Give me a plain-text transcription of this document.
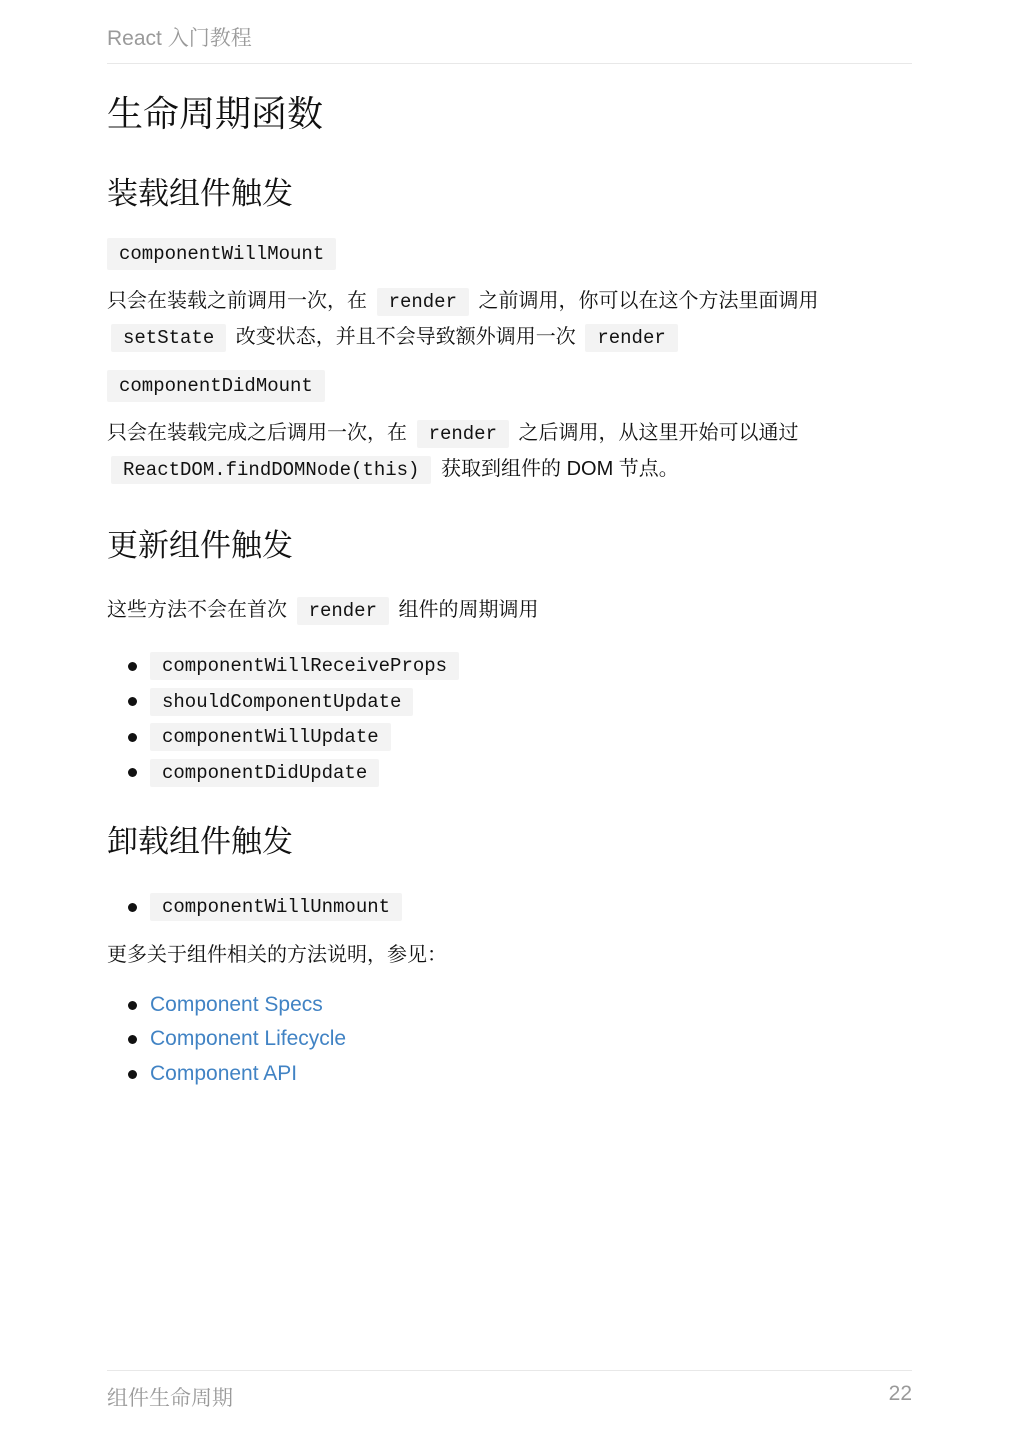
React 入门教程
生命周期函数
装载组件触发
componentWillMount

只会在装载之前调用一次，在 render 之前调用，你可以在这个方法里面调用
setState 改变状态，并且不会导致额外调用一次 render

componentDidMount

只会在装载完成之后调用一次，在 render 之后调用，从这里开始可以通过
ReactDOM.findDOMNode(this) 获取到组件的 DOM 节点。

更新组件触发

这些方法不会在首次 render 组件的周期调用

componentWillReceiveProps
shouldComponentUpdate
componentWillUpdate
componentDidUpdate
卸载组件触发
componentWillUnmount

更多关于组件相关的方法说明，参见：

Component Specs
Component Lifecycle
Component API
组件生命周期	22
